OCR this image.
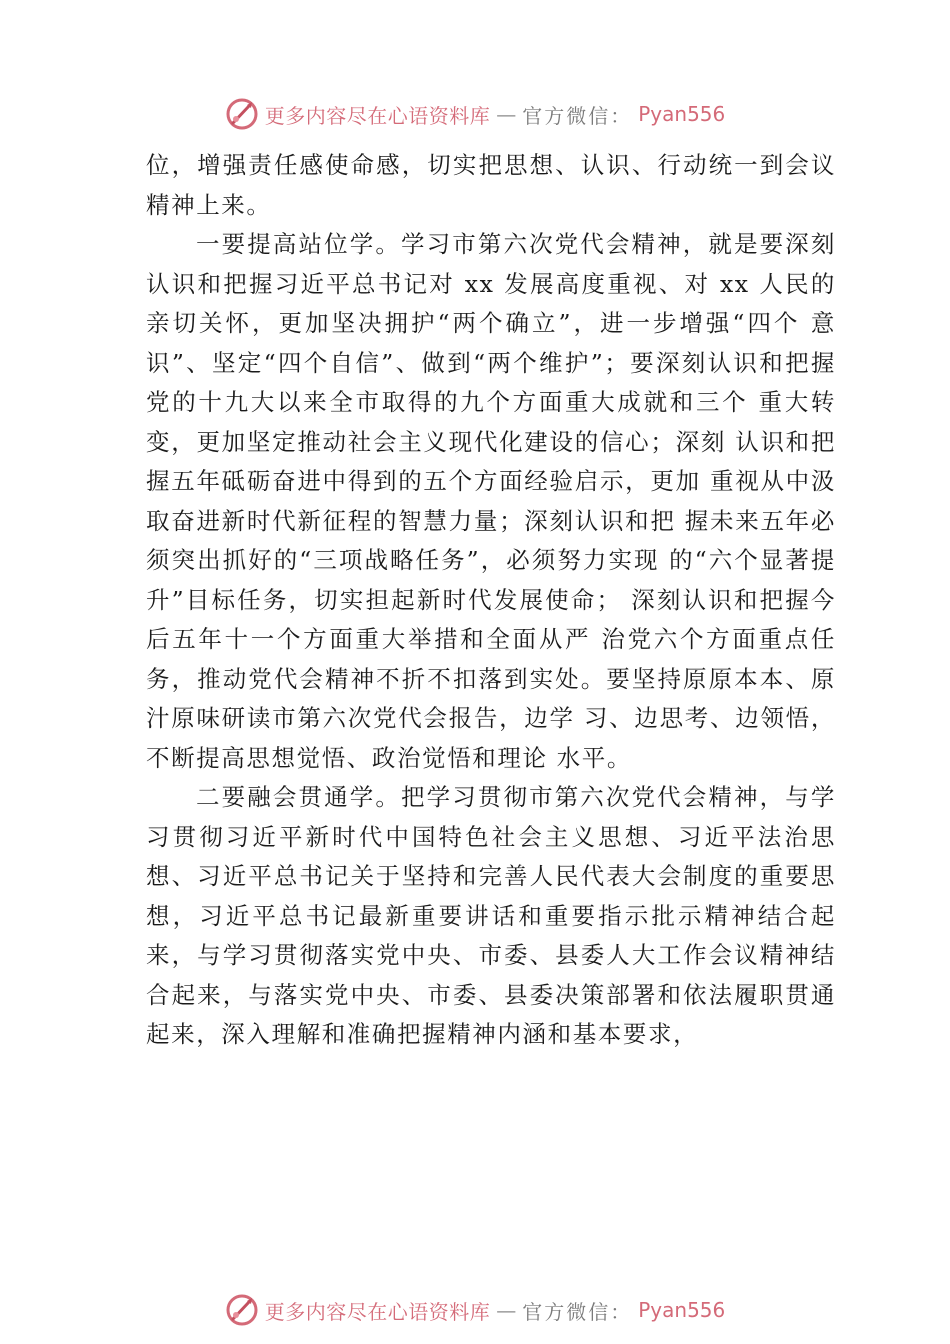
更多内容尽在心语资料库 — 官方微信： Pyan556

位，增强责任感使命感，切实把思想、认识、行动统一到会议精神上来。

一要提高站位学。学习市第六次党代会精神，就是要深刻认识和把握习近平总书记对 xx 发展高度重视、对 xx 人民的亲切关怀，更加坚决拥护“两个确立”，进一步增强“四个 意识”、坚定“四个自信”、做到“两个维护”；要深刻认识和把握党的十九大以来全市取得的九个方面重大成就和三个 重大转变，更加坚定推动社会主义现代化建设的信心；深刻 认识和把握五年砥砺奋进中得到的五个方面经验启示，更加 重视从中汲取奋进新时代新征程的智慧力量；深刻认识和把 握未来五年必须突出抓好的“三项战略任务”，必须努力实现 的“六个显著提升”目标任务，切实担起新时代发展使命； 深刻认识和把握今后五年十一个方面重大举措和全面从严 治党六个方面重点任务，推动党代会精神不折不扣落到实处。要坚持原原本本、原汁原味研读市第六次党代会报告，边学 习、边思考、边领悟，不断提高思想觉悟、政治觉悟和理论 水平。

二要融会贯通学。把学习贯彻市第六次党代会精神，与学习贯彻习近平新时代中国特色社会主义思想、习近平法治思想、习近平总书记关于坚持和完善人民代表大会制度的重要思想，习近平总书记最新重要讲话和重要指示批示精神结合起来，与学习贯彻落实党中央、市委、县委人大工作会议精神结合起来，与落实党中央、市委、县委决策部署和依法履职贯通起来，深入理解和准确把握精神内涵和基本要求，

更多内容尽在心语资料库 — 官方微信： Pyan556
